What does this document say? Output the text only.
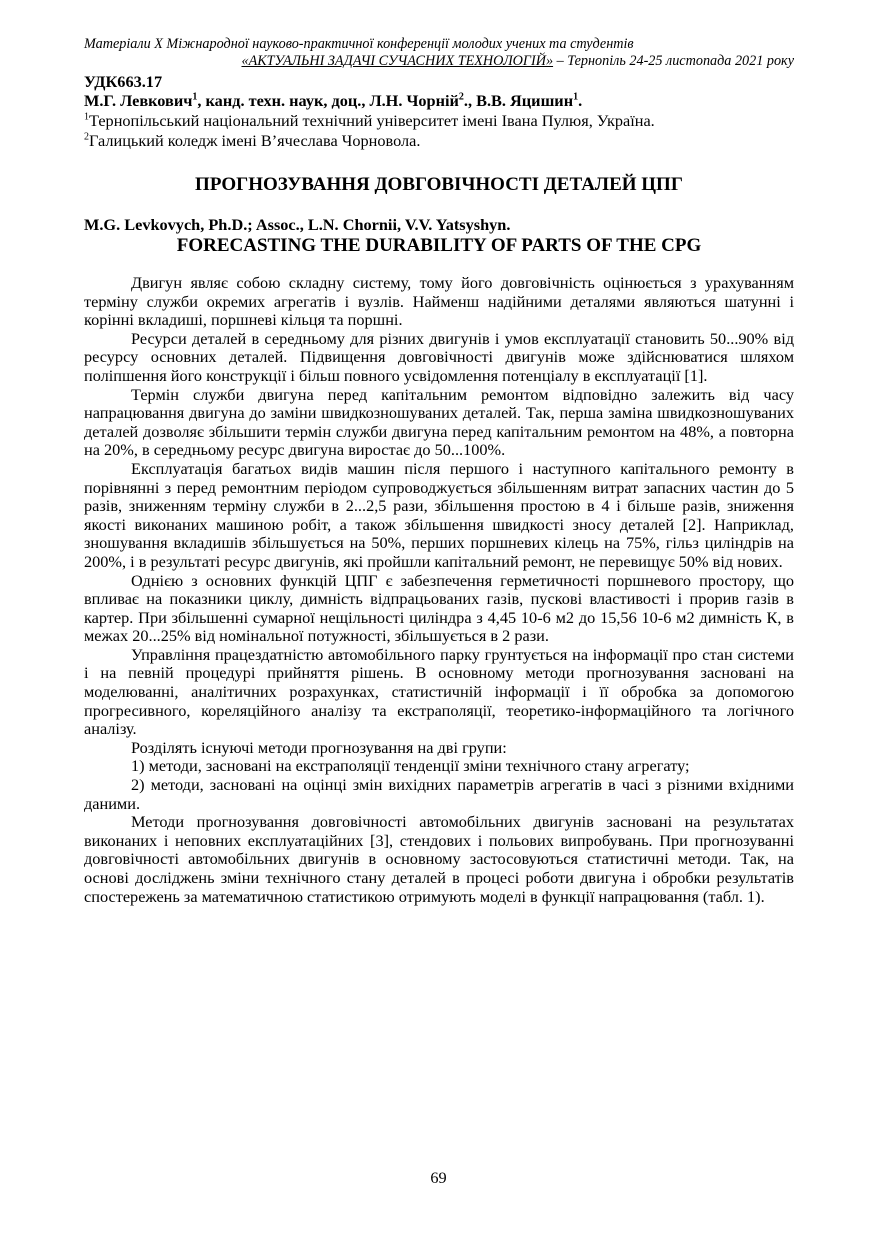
Матеріали Х Міжнародної науково-практичної конференції молодих учених та студентів
«АКТУАЛЬНІ ЗАДАЧІ СУЧАСНИХ ТЕХНОЛОГІЙ» – Тернопіль 24-25 листопада 2021 року
УДК663.17
М.Г. Левкович$^1$, канд. техн. наук, доц., Л.Н. Чорній$^2$., В.В. Яцишин$^1$.
$^1$Тернопільський національний технічний університет імені Івана Пулюя, Україна.
$^2$Галицький коледж імені В’ячеслава Чорновола.
ПРОГНОЗУВАННЯ ДОВГОВІЧНОСТІ ДЕТАЛЕЙ ЦПГ
M.G. Levkovych, Ph.D.; Assoc., L.N. Chornii, V.V. Yatsyshyn.
FORECASTING THE DURABILITY OF PARTS OF THE CPG

Двигун являє собою складну систему, тому його довговічність оцінюється з урахуванням терміну служби окремих агрегатів і вузлів. Найменш надійними деталями являються шатунні і корінні вкладиші, поршневі кільця та поршні.

Ресурси деталей в середньому для різних двигунів і умов експлуатації становить 50...90% від ресурсу основних деталей. Підвищення довговічності двигунів може здійснюватися шляхом поліпшення його конструкції і більш повного усвідомлення потенціалу в експлуатації [1].

Термін служби двигуна перед капітальним ремонтом відповідно залежить від часу напрацювання двигуна до заміни швидкозношуваних деталей. Так, перша заміна швидкозношуваних деталей дозволяє збільшити термін служби двигуна перед капітальним ремонтом на 48%, а повторна на 20%, в середньому ресурс двигуна виростає до 50...100%.

Експлуатація багатьох видів машин після першого і наступного капітального ремонту в порівнянні з перед ремонтним періодом супроводжується збільшенням витрат запасних частин до 5 разів, зниженням терміну служби в 2...2,5 рази, збільшення простою в 4 і більше разів, зниження якості виконаних машиною робіт, а також збільшення швидкості зносу деталей [2]. Наприклад, зношування вкладишів збільшується на 50%, перших поршневих кілець на 75%, гільз циліндрів на 200%, і в результаті ресурс двигунів, які пройшли капітальний ремонт, не перевищує 50% від нових.

Однією з основних функцій ЦПГ є забезпечення герметичності поршневого простору, що впливає на показники циклу, димність відпрацьованих газів, пускові властивості і прорив газів в картер. При збільшенні сумарної нещільності циліндра з 4,45 10-6 м2 до 15,56 10-6 м2 димність К, в межах 20...25% від номінальної потужності, збільшується в 2 рази.

Управління працездатністю автомобільного парку грунтується на інформації про стан системи і на певній процедурі прийняття рішень. В основному методи прогнозування засновані на моделюванні, аналітичних розрахунках, статистичній інформації і її обробка за допомогою прогресивного, кореляційного аналізу та екстраполяції, теоретико-інформаційного та логічного аналізу.

Розділять існуючі методи прогнозування на дві групи:

1) методи, засновані на екстраполяції тенденції зміни технічного стану агрегату;

2) методи, засновані на оцінці змін вихідних параметрів агрегатів в часі з різними вхідними даними.

Методи прогнозування довговічності автомобільних двигунів засновані на результатах виконаних і неповних експлуатаційних [3], стендових і польових випробувань. При прогнозуванні довговічності автомобільних двигунів в основному застосовуються статистичні методи. Так, на основі досліджень зміни технічного стану деталей в процесі роботи двигуна і обробки результатів спостережень за математичною статистикою отримують моделі в функції напрацювання (табл. 1).

69
